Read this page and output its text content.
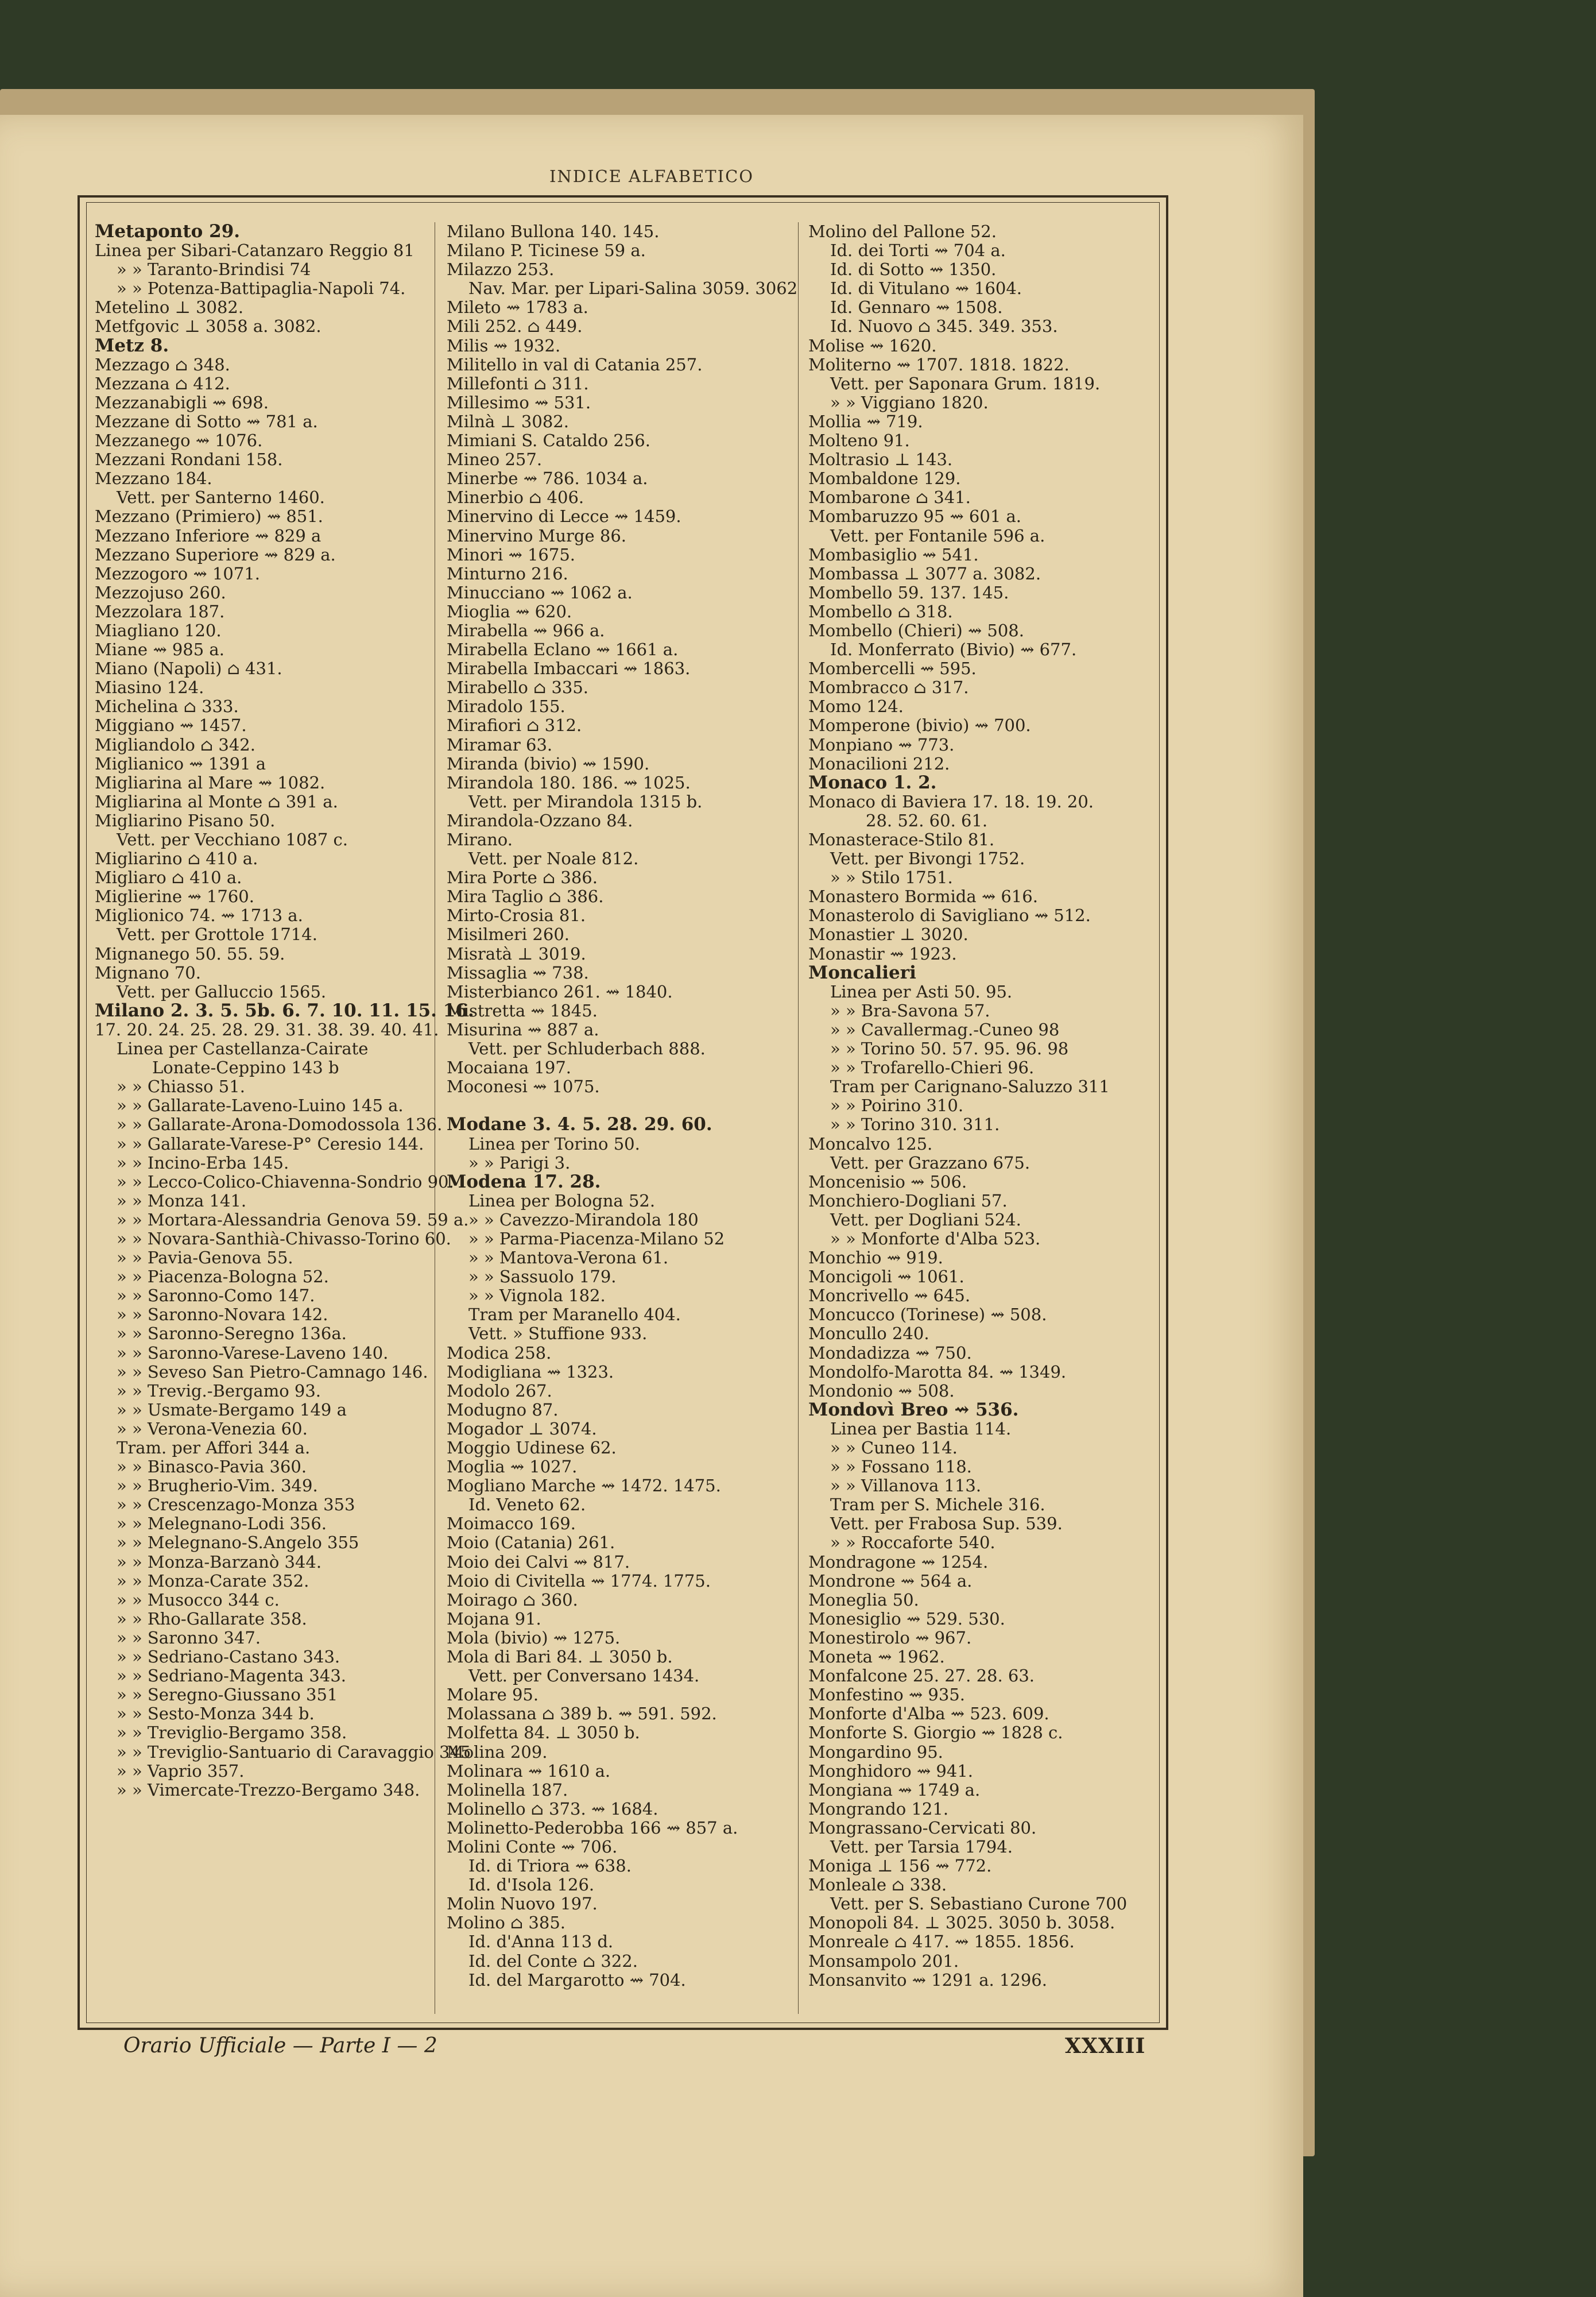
INDICE ALFABETICO
Metaponto 29.
Linea per Sibari-Catanzaro Reggio 81
» » Taranto-Brindisi 74
» » Potenza-Battipaglia-Napoli 74.
Metelino ⊥ 3082.
Metfgovic ⊥ 3058 a. 3082.
Metz 8.
Mezzago ⌂ 348.
Mezzana ⌂ 412.
Mezzanabigli ⇝ 698.
Mezzane di Sotto ⇝ 781 a.
Mezzanego ⇝ 1076.
Mezzani Rondani 158.
Mezzano 184.
Vett. per Santerno 1460.
Mezzano (Primiero) ⇝ 851.
Mezzano Inferiore ⇝ 829 a
Mezzano Superiore ⇝ 829 a.
Mezzogoro ⇝ 1071.
Mezzojuso 260.
Mezzolara 187.
Miagliano 120.
Miane ⇝ 985 a.
Miano (Napoli) ⌂ 431.
Miasino 124.
Michelina ⌂ 333.
Miggiano ⇝ 1457.
Migliandolo ⌂ 342.
Miglianico ⇝ 1391 a
Migliarina al Mare ⇝ 1082.
Migliarina al Monte ⌂ 391 a.
Migliarino Pisano 50.
Vett. per Vecchiano 1087 c.
Migliarino ⌂ 410 a.
Migliaro ⌂ 410 a.
Miglierine ⇝ 1760.
Miglionico 74. ⇝ 1713 a.
Vett. per Grottole 1714.
Mignanego 50. 55. 59.
Mignano 70.
Vett. per Galluccio 1565.
Milano 2. 3. 5. 5b. 6. 7. 10. 11. 15. 16.
17. 20. 24. 25. 28. 29. 31. 38. 39. 40. 41.
Linea per Castellanza-Cairate
Lonate-Ceppino 143 b
» » Chiasso 51.
» » Gallarate-Laveno-Luino 145 a.
» » Gallarate-Arona-Domodossola 136.
» » Gallarate-Varese-P° Ceresio 144.
» » Incino-Erba 145.
» » Lecco-Colico-Chiavenna-Sondrio 90.
» » Monza 141.
» » Mortara-Alessandria Genova 59. 59 a.
» » Novara-Santhià-Chivasso-Torino 60.
» » Pavia-Genova 55.
» » Piacenza-Bologna 52.
» » Saronno-Como 147.
» » Saronno-Novara 142.
» » Saronno-Seregno 136a.
» » Saronno-Varese-Laveno 140.
» » Seveso San Pietro-Camnago 146.
» » Trevig.-Bergamo 93.
» » Usmate-Bergamo 149 a
» » Verona-Venezia 60.
Tram. per Affori 344 a.
» » Binasco-Pavia 360.
» » Brugherio-Vim. 349.
» » Crescenzago-Monza 353
» » Melegnano-Lodi 356.
» » Melegnano-S.Angelo 355
» » Monza-Barzanò 344.
» » Monza-Carate 352.
» » Musocco 344 c.
» » Rho-Gallarate 358.
» » Saronno 347.
» » Sedriano-Castano 343.
» » Sedriano-Magenta 343.
» » Seregno-Giussano 351
» » Sesto-Monza 344 b.
» » Treviglio-Bergamo 358.
» » Treviglio-Santuario di Caravaggio 345
» » Vaprio 357.
» » Vimercate-Trezzo-Bergamo 348.
Milano Bullona 140. 145.
Milano P. Ticinese 59 a.
Milazzo 253.
Nav. Mar. per Lipari-Salina 3059. 3062
Mileto ⇝ 1783 a.
Mili 252. ⌂ 449.
Milis ⇝ 1932.
Militello in val di Catania 257.
Millefonti ⌂ 311.
Millesimo ⇝ 531.
Milnà ⊥ 3082.
Mimiani S. Cataldo 256.
Mineo 257.
Minerbe ⇝ 786. 1034 a.
Minerbio ⌂ 406.
Minervino di Lecce ⇝ 1459.
Minervino Murge 86.
Minori ⇝ 1675.
Minturno 216.
Minucciano ⇝ 1062 a.
Mioglia ⇝ 620.
Mirabella ⇝ 966 a.
Mirabella Eclano ⇝ 1661 a.
Mirabella Imbaccari ⇝ 1863.
Mirabello ⌂ 335.
Miradolo 155.
Mirafiori ⌂ 312.
Miramar 63.
Miranda (bivio) ⇝ 1590.
Mirandola 180. 186. ⇝ 1025.
Vett. per Mirandola 1315 b.
Mirandola-Ozzano 84.
Mirano.
Vett. per Noale 812.
Mira Porte ⌂ 386.
Mira Taglio ⌂ 386.
Mirto-Crosia 81.
Misilmeri 260.
Misratà ⊥ 3019.
Missaglia ⇝ 738.
Misterbianco 261. ⇝ 1840.
Mistretta ⇝ 1845.
Misurina ⇝ 887 a.
Vett. per Schluderbach 888.
Mocaiana 197.
Moconesi ⇝ 1075.

Modane 3. 4. 5. 28. 29. 60.
Linea per Torino 50.
» » Parigi 3.
Modena 17. 28.
Linea per Bologna 52.
» » Cavezzo-Mirandola 180
» » Parma-Piacenza-Milano 52
» » Mantova-Verona 61.
» » Sassuolo 179.
» » Vignola 182.
Tram per Maranello 404.
Vett. » Stuffione 933.
Modica 258.
Modigliana ⇝ 1323.
Modolo 267.
Modugno 87.
Mogador ⊥ 3074.
Moggio Udinese 62.
Moglia ⇝ 1027.
Mogliano Marche ⇝ 1472. 1475.
Id. Veneto 62.
Moimacco 169.
Moio (Catania) 261.
Moio dei Calvi ⇝ 817.
Moio di Civitella ⇝ 1774. 1775.
Moirago ⌂ 360.
Mojana 91.
Mola (bivio) ⇝ 1275.
Mola di Bari 84. ⊥ 3050 b.
Vett. per Conversano 1434.
Molare 95.
Molassana ⌂ 389 b. ⇝ 591. 592.
Molfetta 84. ⊥ 3050 b.
Molina 209.
Molinara ⇝ 1610 a.
Molinella 187.
Molinello ⌂ 373. ⇝ 1684.
Molinetto-Pederobba 166 ⇝ 857 a.
Molini Conte ⇝ 706.
Id. di Triora ⇝ 638.
Id. d'Isola 126.
Molin Nuovo 197.
Molino ⌂ 385.
Id. d'Anna 113 d.
Id. del Conte ⌂ 322.
Id. del Margarotto ⇝ 704.
Molino del Pallone 52.
Id. dei Torti ⇝ 704 a.
Id. di Sotto ⇝ 1350.
Id. di Vitulano ⇝ 1604.
Id. Gennaro ⇝ 1508.
Id. Nuovo ⌂ 345. 349. 353.
Molise ⇝ 1620.
Moliterno ⇝ 1707. 1818. 1822.
Vett. per Saponara Grum. 1819.
» » Viggiano 1820.
Mollia ⇝ 719.
Molteno 91.
Moltrasio ⊥ 143.
Mombaldone 129.
Mombarone ⌂ 341.
Mombaruzzo 95 ⇝ 601 a.
Vett. per Fontanile 596 a.
Mombasiglio ⇝ 541.
Mombassa ⊥ 3077 a. 3082.
Mombello 59. 137. 145.
Mombello ⌂ 318.
Mombello (Chieri) ⇝ 508.
Id. Monferrato (Bivio) ⇝ 677.
Mombercelli ⇝ 595.
Mombracco ⌂ 317.
Momo 124.
Momperone (bivio) ⇝ 700.
Monpiano ⇝ 773.
Monacilioni 212.
Monaco 1. 2.
Monaco di Baviera 17. 18. 19. 20.
28. 52. 60. 61.
Monasterace-Stilo 81.
Vett. per Bivongi 1752.
» » Stilo 1751.
Monastero Bormida ⇝ 616.
Monasterolo di Savigliano ⇝ 512.
Monastier ⊥ 3020.
Monastir ⇝ 1923.
Moncalieri
Linea per Asti 50. 95.
» » Bra-Savona 57.
» » Cavallermag.-Cuneo 98
» » Torino 50. 57. 95. 96. 98
» » Trofarello-Chieri 96.
Tram per Carignano-Saluzzo 311
» » Poirino 310.
» » Torino 310. 311.
Moncalvo 125.
Vett. per Grazzano 675.
Moncenisio ⇝ 506.
Monchiero-Dogliani 57.
Vett. per Dogliani 524.
» » Monforte d'Alba 523.
Monchio ⇝ 919.
Moncigoli ⇝ 1061.
Moncrivello ⇝ 645.
Moncucco (Torinese) ⇝ 508.
Moncullo 240.
Mondadizza ⇝ 750.
Mondolfo-Marotta 84. ⇝ 1349.
Mondonio ⇝ 508.
Mondovì Breo ⇝ 536.
Linea per Bastia 114.
» » Cuneo 114.
» » Fossano 118.
» » Villanova 113.
Tram per S. Michele 316.
Vett. per Frabosa Sup. 539.
» » Roccaforte 540.
Mondragone ⇝ 1254.
Mondrone ⇝ 564 a.
Moneglia 50.
Monesiglio ⇝ 529. 530.
Monestirolo ⇝ 967.
Moneta ⇝ 1962.
Monfalcone 25. 27. 28. 63.
Monfestino ⇝ 935.
Monforte d'Alba ⇝ 523. 609.
Monforte S. Giorgio ⇝ 1828 c.
Mongardino 95.
Monghidoro ⇝ 941.
Mongiana ⇝ 1749 a.
Mongrando 121.
Mongrassano-Cervicati 80.
Vett. per Tarsia 1794.
Moniga ⊥ 156 ⇝ 772.
Monleale ⌂ 338.
Vett. per S. Sebastiano Curone 700
Monopoli 84. ⊥ 3025. 3050 b. 3058.
Monreale ⌂ 417. ⇝ 1855. 1856.
Monsampolo 201.
Monsanvito ⇝ 1291 a. 1296.
Orario Ufficiale — Parte I — 2	XXXIII
